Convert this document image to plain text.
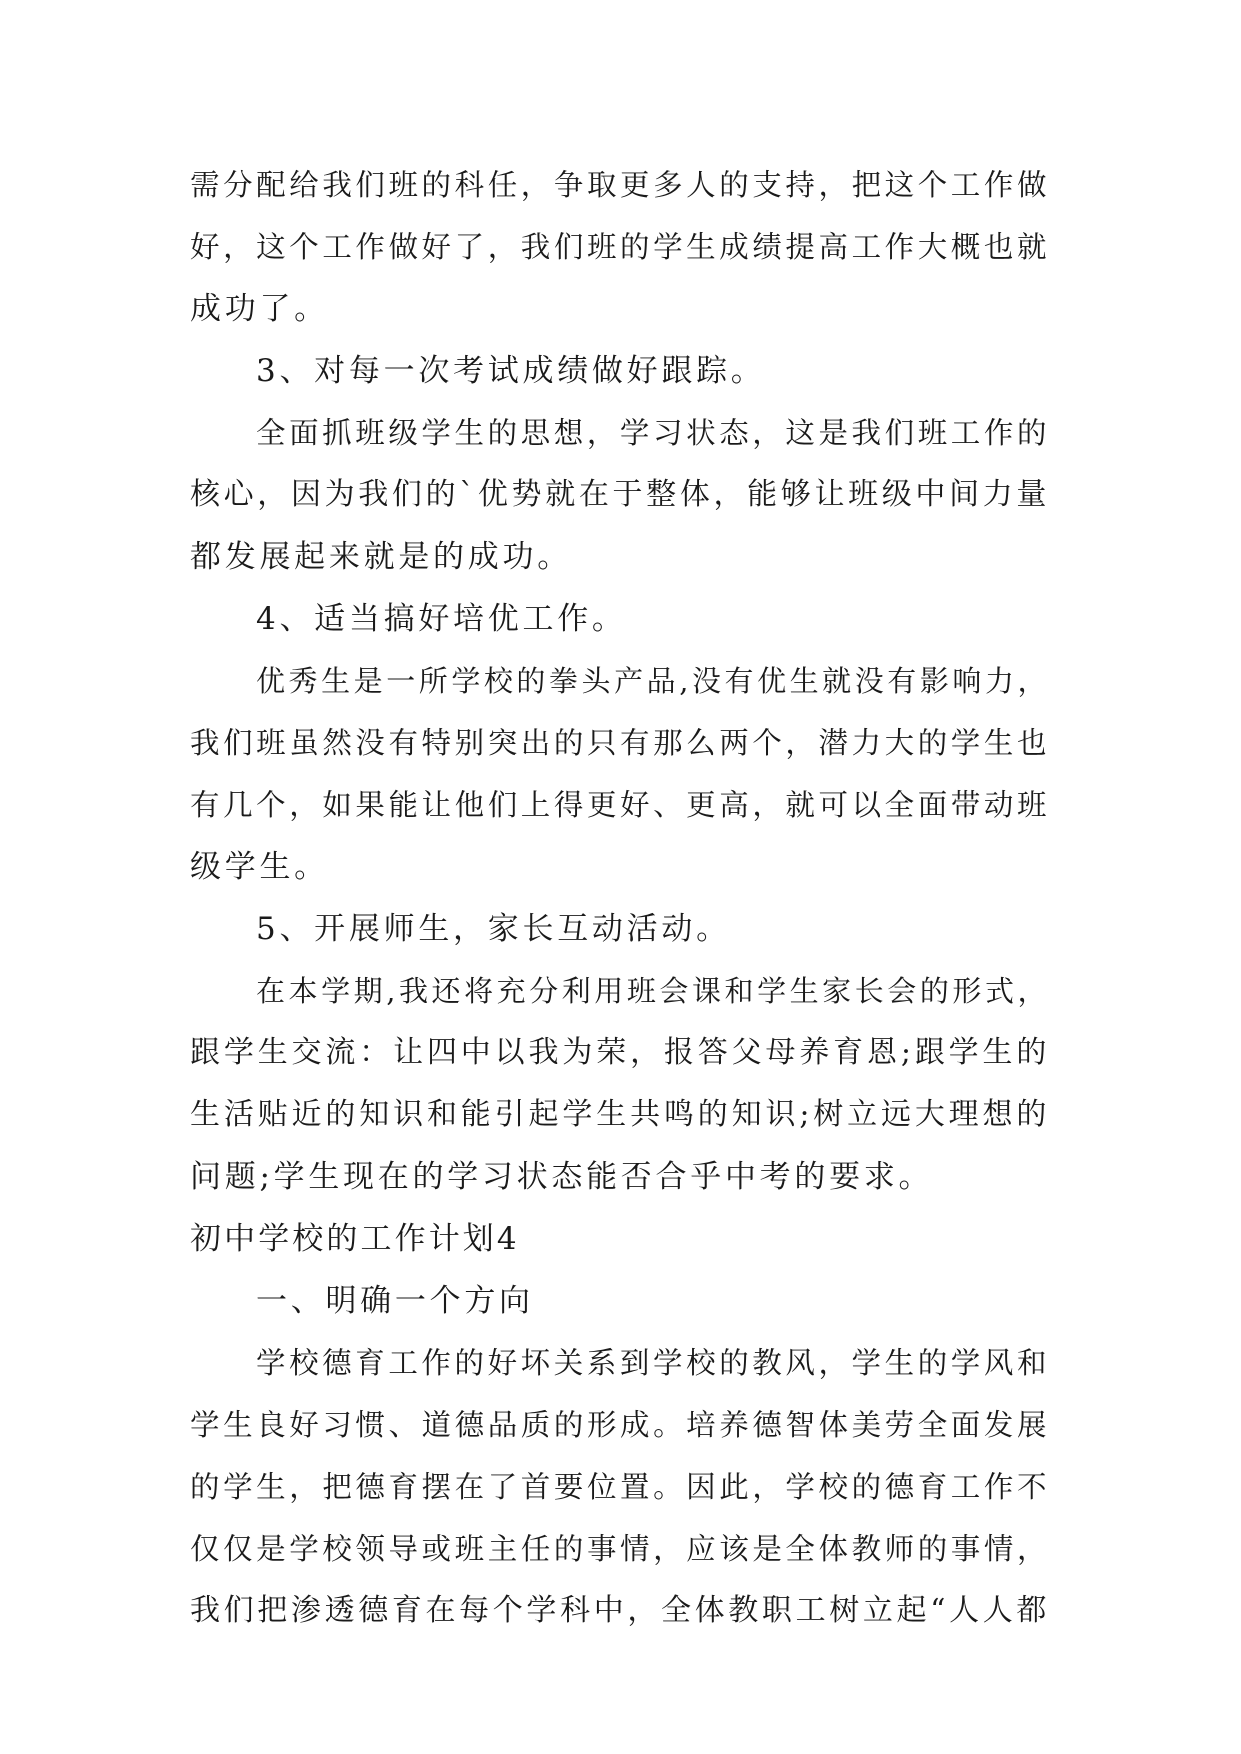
需分配给我们班的科任，争取更多人的支持，把这个工作做
好，这个工作做好了，我们班的学生成绩提高工作大概也就
成功了。
3、对每一次考试成绩做好跟踪。
全面抓班级学生的思想，学习状态，这是我们班工作的
核心，因为我们的`优势就在于整体，能够让班级中间力量
都发展起来就是的成功。
4、适当搞好培优工作。
优秀生是一所学校的拳头产品,没有优生就没有影响力，
我们班虽然没有特别突出的只有那么两个，潜力大的学生也
有几个，如果能让他们上得更好、更高，就可以全面带动班
级学生。
5、开展师生，家长互动活动。
在本学期,我还将充分利用班会课和学生家长会的形式，
跟学生交流：让四中以我为荣，报答父母养育恩;跟学生的
生活贴近的知识和能引起学生共鸣的知识;树立远大理想的
问题;学生现在的学习状态能否合乎中考的要求。
初中学校的工作计划4
一、明确一个方向
学校德育工作的好坏关系到学校的教风，学生的学风和
学生良好习惯、道德品质的形成。培养德智体美劳全面发展
的学生，把德育摆在了首要位置。因此，学校的德育工作不
仅仅是学校领导或班主任的事情，应该是全体教师的事情，
我们把渗透德育在每个学科中，全体教职工树立起“人人都
